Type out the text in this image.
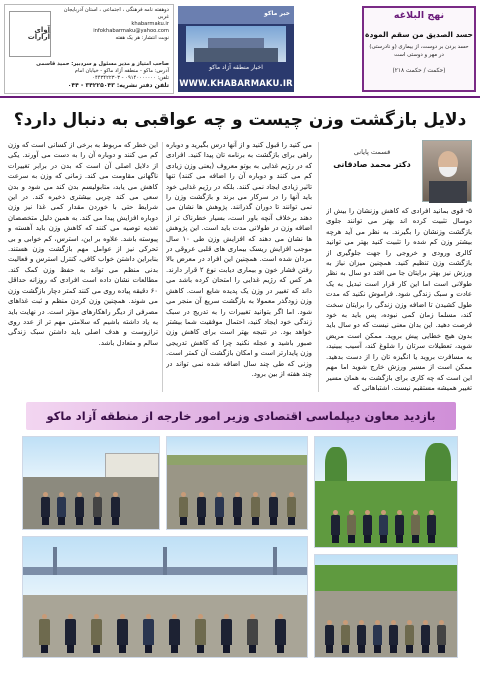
نهج البلاغه
حسد الصدیق من سقم المودة
حسد بردن بر دوست، از بیماری (و نادرستی) در مهر و دوستی است
(حکمت / حکمت ۲۱۸)
خبر ماکو
اخبار منطقه آزاد ماکو
WWW.KHABARMAKU.IR
آوای آرارات
دوهفته نامه فرهنگی ، اجتماعی ، استان آذربایجان غربی
khabarmaku.ir
infokhabarmaku@yahoo.com
نوبت انتشار: هر یک هفته
صاحب امتیاز و مدیر مسئول و سردبیر: حمید قاسمی
آدرس: ماکو - منطقه آزاد ماکو - خیابان امام
تلفن: ۰۹۱۴۰۰۰۰۰۰۰ - ۰۴۴۳۴۲۲۳۰۳
تلفن دفتر نشریه: ۳۴۲۲۵۰۴۳ - ۰۴۴
دلایل بازگشت وزن چیست و چه عواقبی به دنبال دارد؟
قسمت پایانی
دکتر محمد صادقانی
۵- قوی بمانید افرادی که کاهش وزنشان را بیش از دوسال تثبیت کرده اند بهتر می توانند جلوی بازگشت وزنشان را بگیرند. به نظر می آید هرچه بیشتر وزن کم شده را تثبیت کنید بهتر می توانید کالری ورودی و خروجی را جهت جلوگیری از بازگشت وزن تنظیم کنید. همچنین میزان نیاز به ورزش نیز بهتر برایتان جا می افتد دو سال به نظر طولانی است اما این کار قرار است تبدیل به یک عادت و سبک زندگی شود. فراموش نکنید که مدت طول کشیدن تا اضافه وزن زندگی را برایتان سخت کند، مسلما زمان کمی نبوده، پس باید به خود فرصت دهید. این بدان معنی نیست که دو سال باید بدون هیچ خطایی پیش بروید. ممکن است مریض شوید، تعطیلات سرتان را شلوغ کند، آسیب ببینید، به مسافرت بروید یا انگیزه تان را از دست بدهید. ممکن است از مسیر ورزش خارج شوید اما مهم این است که چه کاری برای بازگشت به همان مسیر تغییر همیشه مستقیم نیست. اشتباهاتی که
می کنید را قبول کنید و از آنها درس بگیرید و دوباره راهی برای بازگشت به برنامه تان پیدا کنید. افرادی که در رژیم غذایی به بوتو معروف (یعنی وزن زیادی کم می کنند و دوباره آن را اضافه می کنند) تنها تاثیر زیادی ایجاد نمی کنند. بلکه در رژیم غذایی خود باید آنها را در سرکار می برند و بازگشت وزن را نمی توانند تا دوران گذرانند. پژوهش ها نشان می دهند برخلاف آنچه باور است، بسیار خطرناک تر از اضافه وزن در طولانی مدت باید است. این پژوهش ها نشان می دهند که افزایش وزن طی ۱۰ سال موجب افزایش ریسک بیماری های قلبی عروقی در مردان شده است. همچنین این افراد در معرض بالا رفتن فشار خون و بیماری دیابت نوع ۲ قرار دارند. هر کس که رژیم غذایی را امتحان کرده باشد می داند که تغییر در وزن یک پدیده شایع است. کاهش وزن زودگذر معمولا به بازگشت سریع آن منجر می شود. اما اگر بتوانید تغییرات را به تدریج در سبک زندگی خود ایجاد کنید، احتمال موفقیت شما بیشتر خواهد بود. در نتیجه بهتر است برای کاهش وزن صبور باشید و عجله نکنید چرا که کاهش تدریجی وزن پایدارتر است و امکان بازگشت آن کمتر است. وزنی که طی چند سال اضافه شده نمی تواند در چند هفته از بین برود.
این خطر که مربوط به برخی از کسانی است که وزن کم می کنند و دوباره آن را به دست می آورند. یکی از دلایل اصلی آن است که بدن در برابر تغییرات ناگهانی مقاومت می کند. زمانی که وزن به سرعت کاهش می یابد، متابولیسم بدن کند می شود و بدن سعی می کند چربی بیشتری ذخیره کند. در این شرایط حتی با خوردن مقدار کمی غذا نیز وزن دوباره افزایش پیدا می کند. به همین دلیل متخصصان تغذیه توصیه می کنند که کاهش وزن باید آهسته و پیوسته باشد. علاوه بر این، استرس، کم خوابی و بی تحرکی نیز از عوامل مهم بازگشت وزن هستند. بنابراین داشتن خواب کافی، کنترل استرس و فعالیت بدنی منظم می تواند به حفظ وزن کمک کند. مطالعات نشان داده است افرادی که روزانه حداقل ۶۰ دقیقه پیاده روی می کنند کمتر دچار بازگشت وزن می شوند. همچنین وزن کردن منظم و ثبت غذاهای مصرفی از دیگر راهکارهای مؤثر است. در نهایت باید به یاد داشته باشیم که سلامتی مهم تر از عدد روی ترازوست و هدف اصلی باید داشتن سبک زندگی سالم و متعادل باشد.
بازدید معاون دیپلماسی اقتصادی وزیر امور خارجه از منطقه آزاد ماکو
